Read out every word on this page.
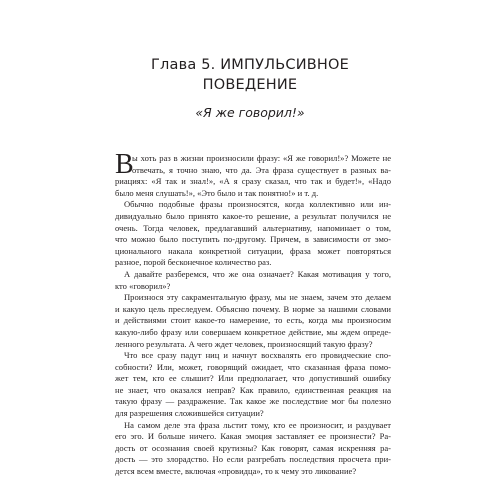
Глава 5. ИМПУЛЬСИВНОЕ
ПОВЕДЕНИЕ
«Я же говорил!»
В
ы хоть раз в жизни произносили фразу: «Я же говорил!»? Можете не
отвечать, я точно знаю, что да. Эта фраза существует в разных ва-
риациях: «Я так и знал!», «А я сразу сказал, что так и будет!», «Надо
было меня слушать!», «Это было и так понятно!» и т. д.
Обычно подобные фразы произносятся, когда коллективно или ин-
дивидуально было принято какое-то решение, а результат получился не
очень. Тогда человек, предлагавший альтернативу, напоминает о том,
что можно было поступить по-другому. Причем, в зависимости от эмо-
ционального накала конкретной ситуации, фраза может повторяться
разное, порой бесконечное количество раз.
А давайте разберемся, что же она означает? Какая мотивация у того,
кто «говорил»?
Произнося эту сакраментальную фразу, мы не знаем, зачем это делаем
и какую цель преследуем. Объясню почему. В норме за нашими словами
и действиями стоит какое-то намерение, то есть, когда мы произносим
какую-либо фразу или совершаем конкретное действие, мы ждем опреде-
ленного результата. А чего ждет человек, произносящий такую фразу?
Что все сразу падут ниц и начнут восхвалять его провидческие спо-
собности? Или, может, говорящий ожидает, что сказанная фраза помо-
жет тем, кто ее слышит? Или предполагает, что допустивший ошибку
не знает, что оказался неправ? Как правило, единственная реакция на
такую фразу — раздражение. Так какое же последствие мог бы полезно
для разрешения сложившейся ситуации?
На самом деле эта фраза льстит тому, кто ее произносит, и раздувает
его эго. И больше ничего. Какая эмоция заставляет ее произнести? Ра-
дость от осознания своей крутизны? Как говорят, самая искренняя ра-
дость — это злорадство. Но если разгребать последствия просчета при-
дется всем вместе, включая «провидца», то к чему это ликование?
